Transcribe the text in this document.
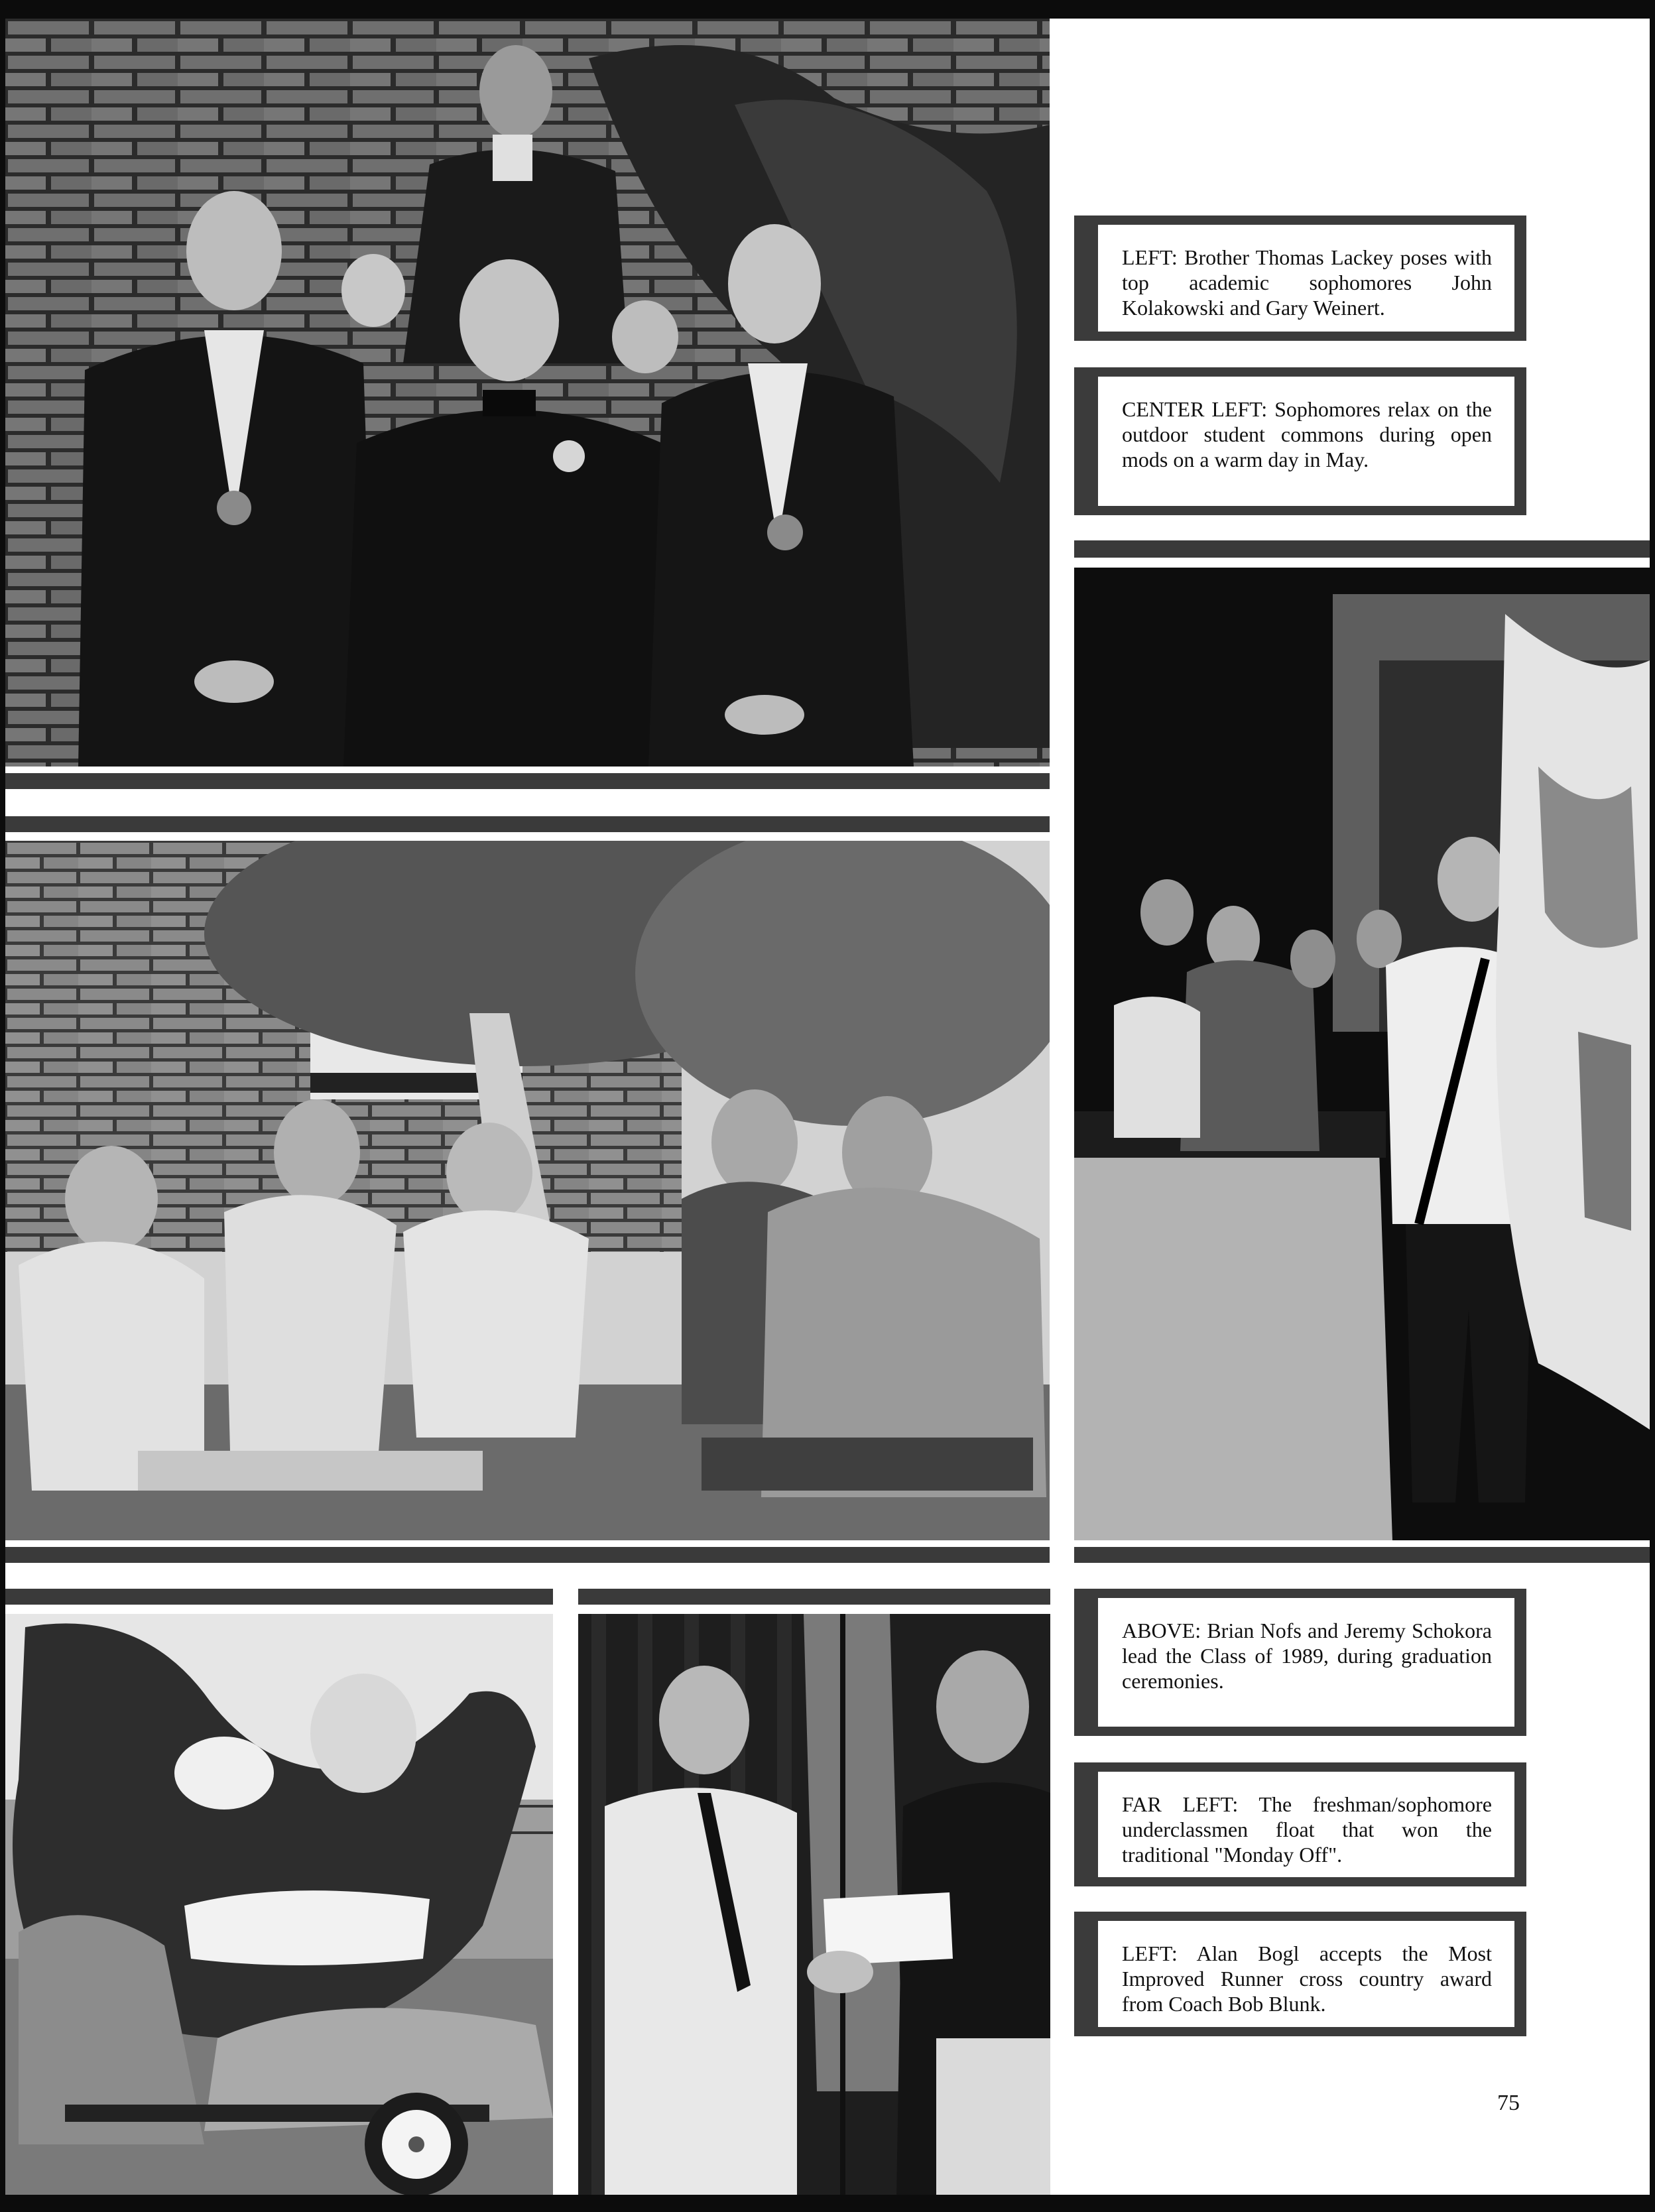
LEFT: Brother Thomas Lackey poses with top academic sophomores John Kolakowski and Gary Weinert.
CENTER LEFT: Sophomores relax on the outdoor student commons during open mods on a warm day in May.
ABOVE: Brian Nofs and Jeremy Schokora lead the Class of 1989, during graduation ceremonies.
FAR LEFT: The freshman/sophomore underclassmen float that won the traditional "Monday Off".
LEFT: Alan Bogl accepts the Most Improved Runner cross country award from Coach Bob Blunk.
75
